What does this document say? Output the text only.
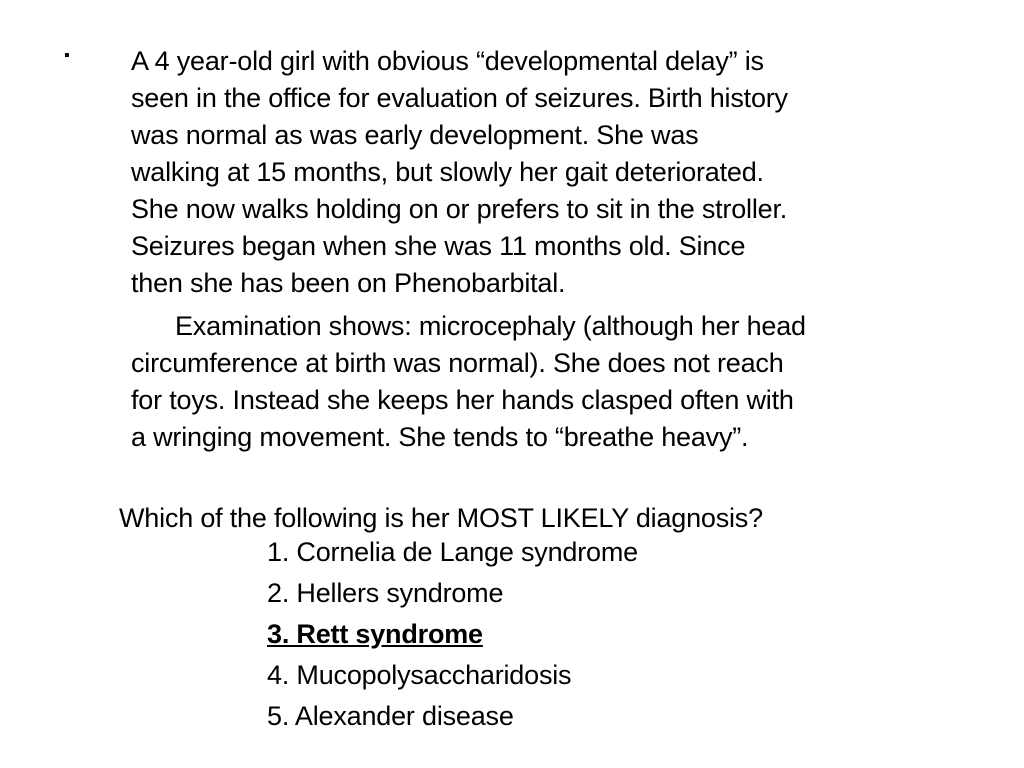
▪ A 4 year-old girl with obvious “developmental delay” is
seen in the office for evaluation of seizures. Birth history
was normal as was early development. She was
walking at 15 months, but slowly her gait deteriorated.
She now walks holding on or prefers to sit in the stroller.
Seizures began when she was 11 months old. Since
then she has been on Phenobarbital.

Examination shows: microcephaly (although her head
circumference at birth was normal). She does not reach
for toys. Instead she keeps her hands clasped often with
a wringing movement. She tends to “breathe heavy”.

Which of the following is her MOST LIKELY diagnosis?
1. Cornelia de Lange syndrome
2. Hellers syndrome
3. Rett syndrome
4. Mucopolysaccharidosis
5. Alexander disease
